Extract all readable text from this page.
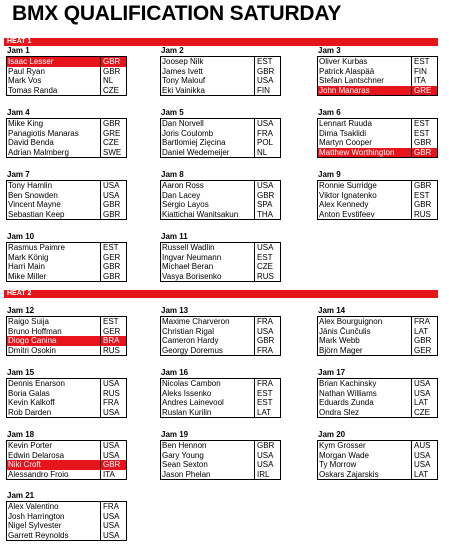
BMX QUALIFICATION SATURDAY
HEAT 1
Jam 1
Isaac Lesser	GBR
Paul Ryan	GBR
Mark Vos	NL
Tomas Randa	CZE
Jam 2
Joosep Nilk	EST
James Ivett	GBR
Tony Malouf	USA
Eki Vainikka	FIN
Jam 3
Oliver Kurbas	EST
Patrick Alaspää	FIN
Stefan Lantschner	ITA
John Manaras	GRE
Jam 4
Mike King	GBR
Panagiotis Manaras	GRE
David Benda	CZE
Adrian Malmberg	SWE
Jam 5
Dan Norvell	USA
Joris Coulomb	FRA
Bartlomiej Zięcina	POL
Daniel Wedemeijer	NL
Jam 6
Lennart Ruuda	EST
Dima Tsaklidi	EST
Martyn Cooper	GBR
Matthew Worthington	GBR
Jam 7
Tony Hamlin	USA
Ben Snowden	USA
Vincent Mayne	GBR
Sebastian Keep	GBR
Jam 8
Aaron Ross	USA
Dan Lacey	GBR
Sergio Layos	SPA
Kiattichai Wanitsakun	THA
Jam 9
Ronnie Surridge	GBR
Viktor Ignatenko	EST
Alex Kennedy	GBR
Anton Evstifeev	RUS
Jam 10
Rasmus Paimre	EST
Mark König	GER
Harri Main	GBR
Mike Miller	GBR
Jam 11
Russell Wadlin	USA
Ingvar Neumann	EST
Michael Beran	CZE
Vasya Borisenko	RUS
HEAT 2
Jam 12
Raigo Suija	EST
Bruno Hoffman	GER
Diogo Canina	BRA
Dmitri Osokin	RUS
Jam 13
Maxime Charveron	FRA
Christian Rigal	USA
Cameron Hardy	GBR
Georgy Doremus	FRA
Jam 14
Alex Bourguignon	FRA
Jānis Čunčulis	LAT
Mark Webb	GBR
Björn Mager	GER
Jam 15
Dennis Enarson	USA
Boria Galas	RUS
Kevin Kalkoff	FRA
Rob Darden	USA
Jam 16
Nicolas Cambon	FRA
Aleks Issenko	EST
Andres Lainevool	EST
Ruslan Kurilin	LAT
Jam 17
Brian Kachinsky	USA
Nathan Williams	USA
Eduards Zunda	LAT
Ondra Slez	CZE
Jam 18
Kevin Porter	USA
Edwin Delarosa	USA
Niki Croft	GBR
Alessandro Froio	ITA
Jam 19
Ben Hennon	GBR
Gary Young	USA
Sean Sexton	USA
Jason Phelan	IRL
Jam 20
Kym Grosser	AUS
Morgan Wade	USA
Ty Morrow	USA
Oskars Zajarskis	LAT
Jam 21
Alex Valentino	FRA
Josh Harrington	USA
Nigel Sylvester	USA
Garrett Reynolds	USA
